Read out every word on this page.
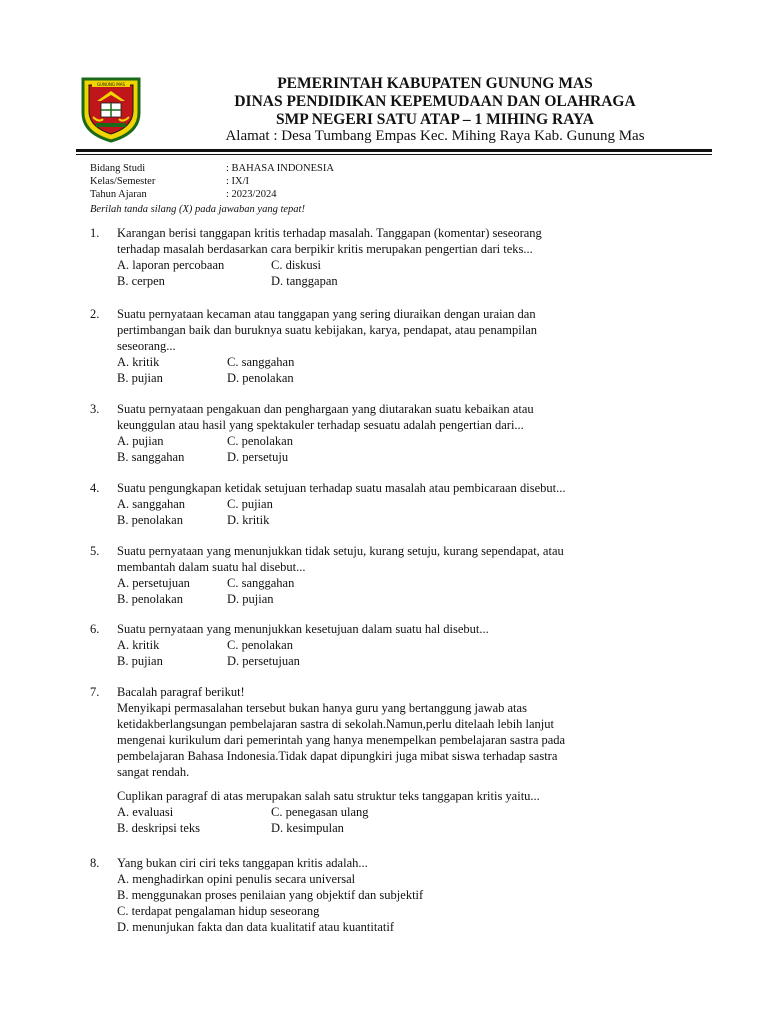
GUNUNG MAS	PEMERINTAH KABUPATEN GUNUNG MAS
DINAS PENDIDIKAN KEPEMUDAAN DAN OLAHRAGA
SMP NEGERI SATU ATAP – 1 MIHING RAYA
Alamat : Desa Tumbang Empas Kec. Mihing Raya Kab. Gunung Mas
Bidang Studi	: BAHASA INDONESIA
Kelas/Semester	: IX/I
Tahun Ajaran	: 2023/2024
Berilah tanda silang (X) pada jawaban yang tepat!
1. Karangan berisi tanggapan kritis terhadap masalah. Tanggapan (komentar) seseorang
terhadap masalah berdasarkan cara berpikir kritis merupakan pengertian dari teks...
A. laporan percobaan	C. diskusi
B. cerpen	D. tanggapan
2. Suatu pernyataan kecaman atau tanggapan yang sering diuraikan dengan uraian dan
pertimbangan baik dan buruknya suatu kebijakan, karya, pendapat, atau penampilan
seseorang...
A. kritik	C. sanggahan
B. pujian	D. penolakan
3. Suatu pernyataan pengakuan dan penghargaan yang diutarakan suatu kebaikan atau
keunggulan atau hasil yang spektakuler terhadap sesuatu adalah pengertian dari...
A. pujian	C. penolakan
B. sanggahan	D. persetuju
4. Suatu pengungkapan ketidak setujuan terhadap suatu masalah atau pembicaraan disebut...
A. sanggahan	C. pujian
B. penolakan	D. kritik
5. Suatu pernyataan yang menunjukkan tidak setuju, kurang setuju, kurang sependapat, atau
membantah dalam suatu hal disebut...
A. persetujuan	C. sanggahan
B. penolakan	D. pujian
6. Suatu pernyataan yang menunjukkan kesetujuan dalam suatu hal disebut...
A. kritik	C. penolakan
B. pujian	D. persetujuan
7. Bacalah paragraf berikut!
Menyikapi permasalahan tersebut bukan hanya guru yang bertanggung jawab atas
ketidakberlangsungan pembelajaran sastra di sekolah.Namun,perlu ditelaah lebih lanjut
mengenai kurikulum dari pemerintah yang hanya menempelkan pembelajaran sastra pada
pembelajaran Bahasa Indonesia.Tidak dapat dipungkiri juga mibat siswa terhadap sastra
sangat rendah.
Cuplikan paragraf di atas merupakan salah satu struktur teks tanggapan kritis yaitu...
A. evaluasi	C. penegasan ulang
B. deskripsi teks	D. kesimpulan
8. Yang bukan ciri ciri teks tanggapan kritis adalah...
A. menghadirkan opini penulis secara universal
B. menggunakan proses penilaian yang objektif dan subjektif
C. terdapat pengalaman hidup seseorang
D. menunjukan fakta dan data kualitatif atau kuantitatif
